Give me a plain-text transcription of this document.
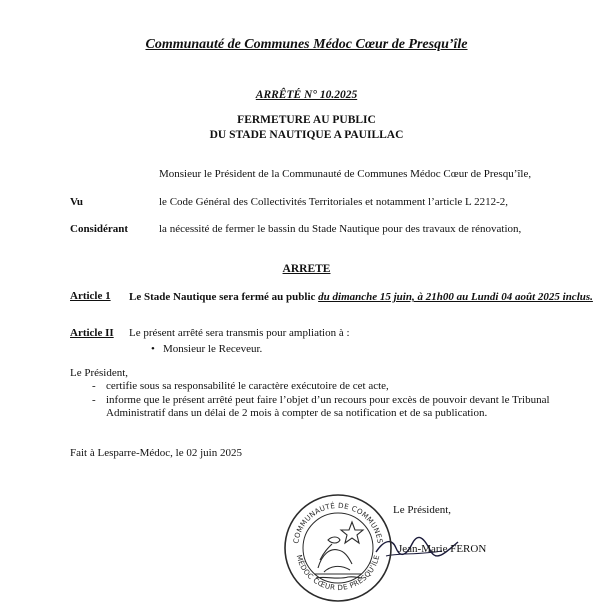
Communauté de Communes Médoc Cœur de Presqu’île
ARRÊTÉ N° 10.2025
FERMETURE AU PUBLIC
DU STADE NAUTIQUE A PAUILLAC
Monsieur le Président de la Communauté de Communes Médoc Cœur de Presqu’île,
Vu	le Code Général des Collectivités Territoriales et notamment l’article L 2212-2,
Considérant	la nécessité de fermer le bassin du Stade Nautique pour des travaux de rénovation,
ARRETE
Article 1 Le Stade Nautique sera fermé au public du dimanche 15 juin, à 21h00 au Lundi 04 août 2025 inclus.
Article II Le présent arrêté sera transmis pour ampliation à :
• Monsieur le Receveur.
Le Président,
- certifie sous sa responsabilité le caractère exécutoire de cet acte,
- informe que le présent arrêté peut faire l’objet d’un recours pour excès de pouvoir devant le Tribunal
Administratif dans un délai de 2 mois à compter de sa notification et de sa publication.
Fait à Lesparre-Médoc, le 02 juin 2025
Le Président,
Jean-Marie FERON
COMMUNAUTÉ DE COMMUNES
MÉDOC CŒUR DE PRESQU’ÎLE
